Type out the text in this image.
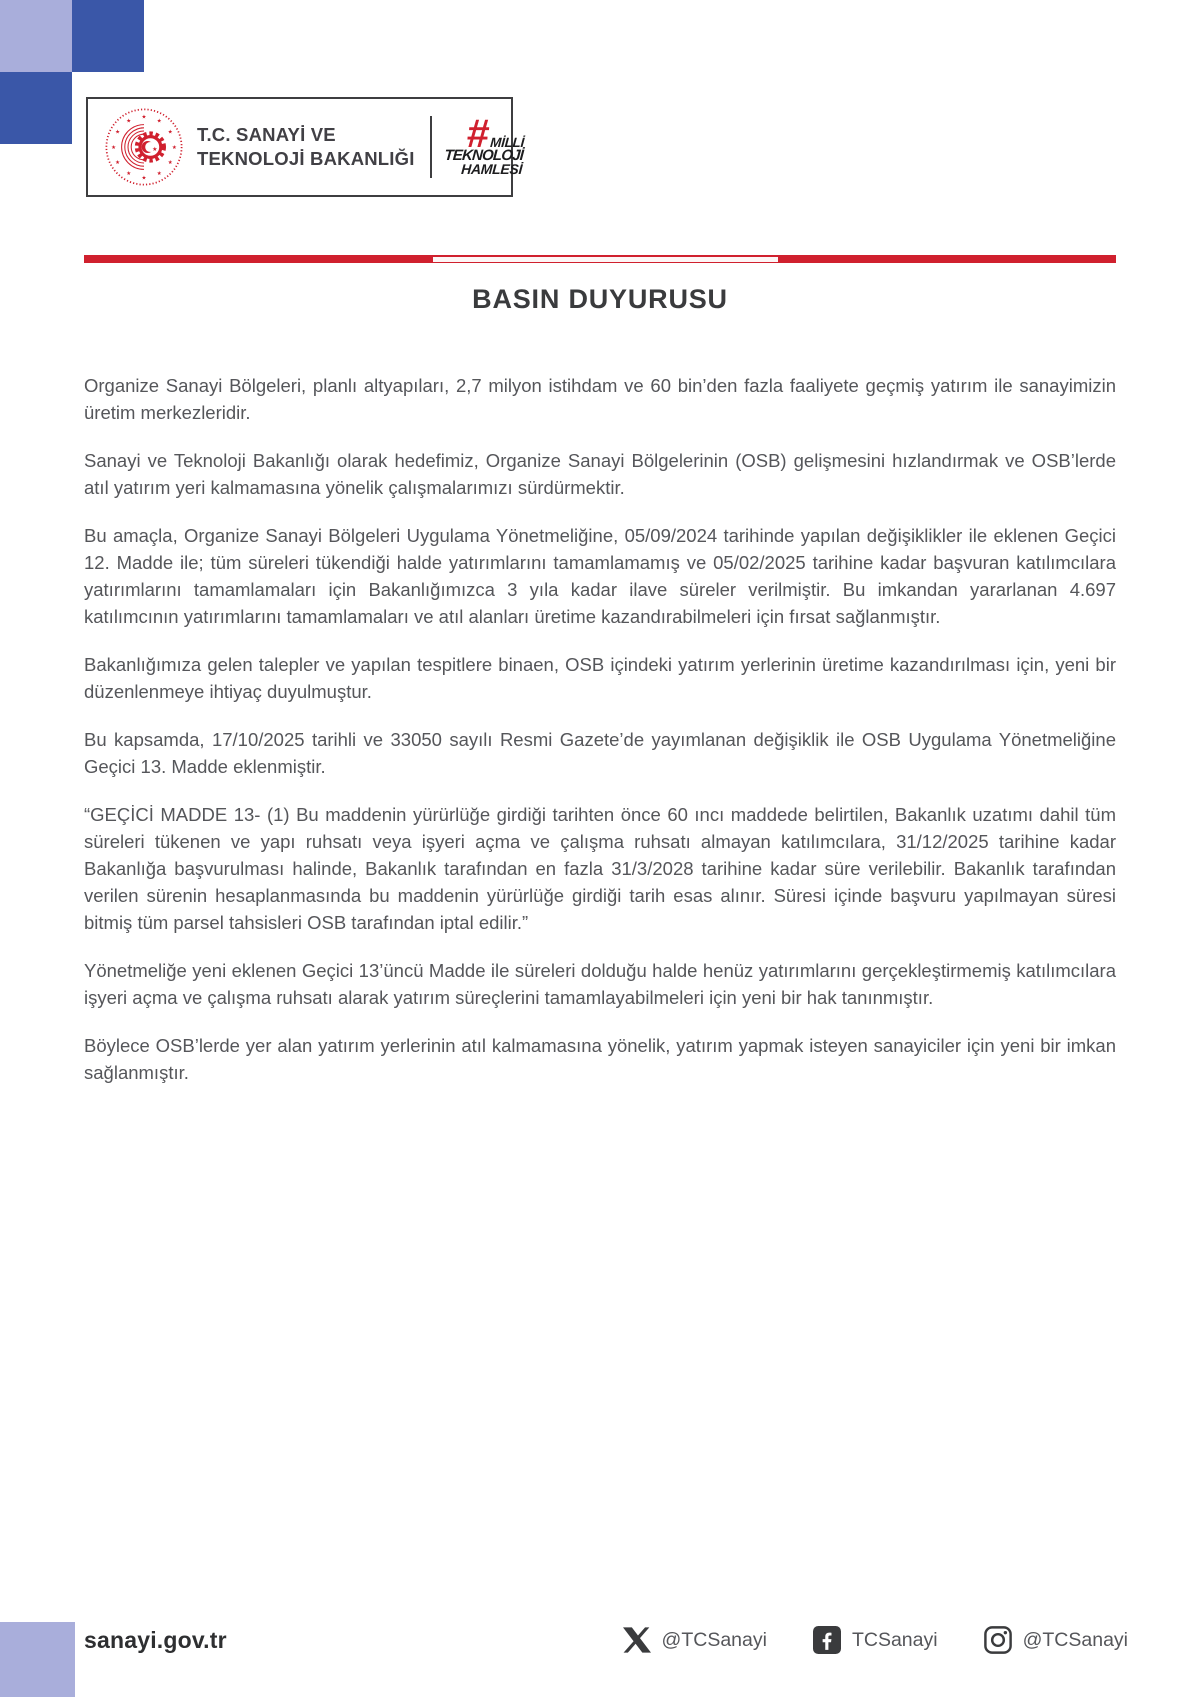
★ ★
★
★
★
★
★
★
★
★
★
★
★ T.C. SANAYİ VE
TEKNOLOJİ BAKANLIĞI
# MİLLİ
TEKNOLOJİ
HAMLESİ
BASIN DUYURUSU

Organize Sanayi Bölgeleri, planlı altyapıları, 2,7 milyon istihdam ve 60 bin’den fazla faaliyete geçmiş yatırım ile sanayimizin üretim merkezleridir.

Sanayi ve Teknoloji Bakanlığı olarak hedefimiz, Organize Sanayi Bölgelerinin (OSB) gelişmesini hızlandırmak ve OSB’lerde atıl yatırım yeri kalmamasına yönelik çalışmalarımızı sürdürmektir.

Bu amaçla, Organize Sanayi Bölgeleri Uygulama Yönetmeliğine, 05/09/2024 tarihinde yapılan değişiklikler ile eklenen Geçici 12. Madde ile; tüm süreleri tükendiği halde yatırımlarını tamamlamamış ve 05/02/2025 tarihine kadar başvuran katılımcılara yatırımlarını tamamlamaları için Bakanlığımızca 3 yıla kadar ilave süreler verilmiştir. Bu imkandan yararlanan 4.697 katılımcının yatırımlarını tamamlamaları ve atıl alanları üretime kazandırabilmeleri için fırsat sağlanmıştır.

Bakanlığımıza gelen talepler ve yapılan tespitlere binaen, OSB içindeki yatırım yerlerinin üretime kazandırılması için, yeni bir düzenlenmeye ihtiyaç duyulmuştur.

Bu kapsamda, 17/10/2025 tarihli ve 33050 sayılı Resmi Gazete’de yayımlanan değişiklik ile OSB Uygulama Yönetmeliğine Geçici 13. Madde eklenmiştir.

“GEÇİCİ MADDE 13- (1) Bu maddenin yürürlüğe girdiği tarihten önce 60 ıncı maddede belirtilen, Bakanlık uzatımı dahil tüm süreleri tükenen ve yapı ruhsatı veya işyeri açma ve çalışma ruhsatı almayan katılımcılara, 31/12/2025 tarihine kadar Bakanlığa başvurulması halinde, Bakanlık tarafından en fazla 31/3/2028 tarihine kadar süre verilebilir. Bakanlık tarafından verilen sürenin hesaplanmasında bu maddenin yürürlüğe girdiği tarih esas alınır. Süresi içinde başvuru yapılmayan süresi bitmiş tüm parsel tahsisleri OSB tarafından iptal edilir.”

Yönetmeliğe yeni eklenen Geçici 13’üncü Madde ile süreleri dolduğu halde henüz yatırımlarını gerçekleştirmemiş katılımcılara işyeri açma ve çalışma ruhsatı alarak yatırım süreçlerini tamamlayabilmeleri için yeni bir hak tanınmıştır.

Böylece OSB’lerde yer alan yatırım yerlerinin atıl kalmamasına yönelik, yatırım yapmak isteyen sanayiciler için yeni bir imkan sağlanmıştır.

sanayi.gov.tr	@TCSanayi	TCSanayi	@TCSanayi
